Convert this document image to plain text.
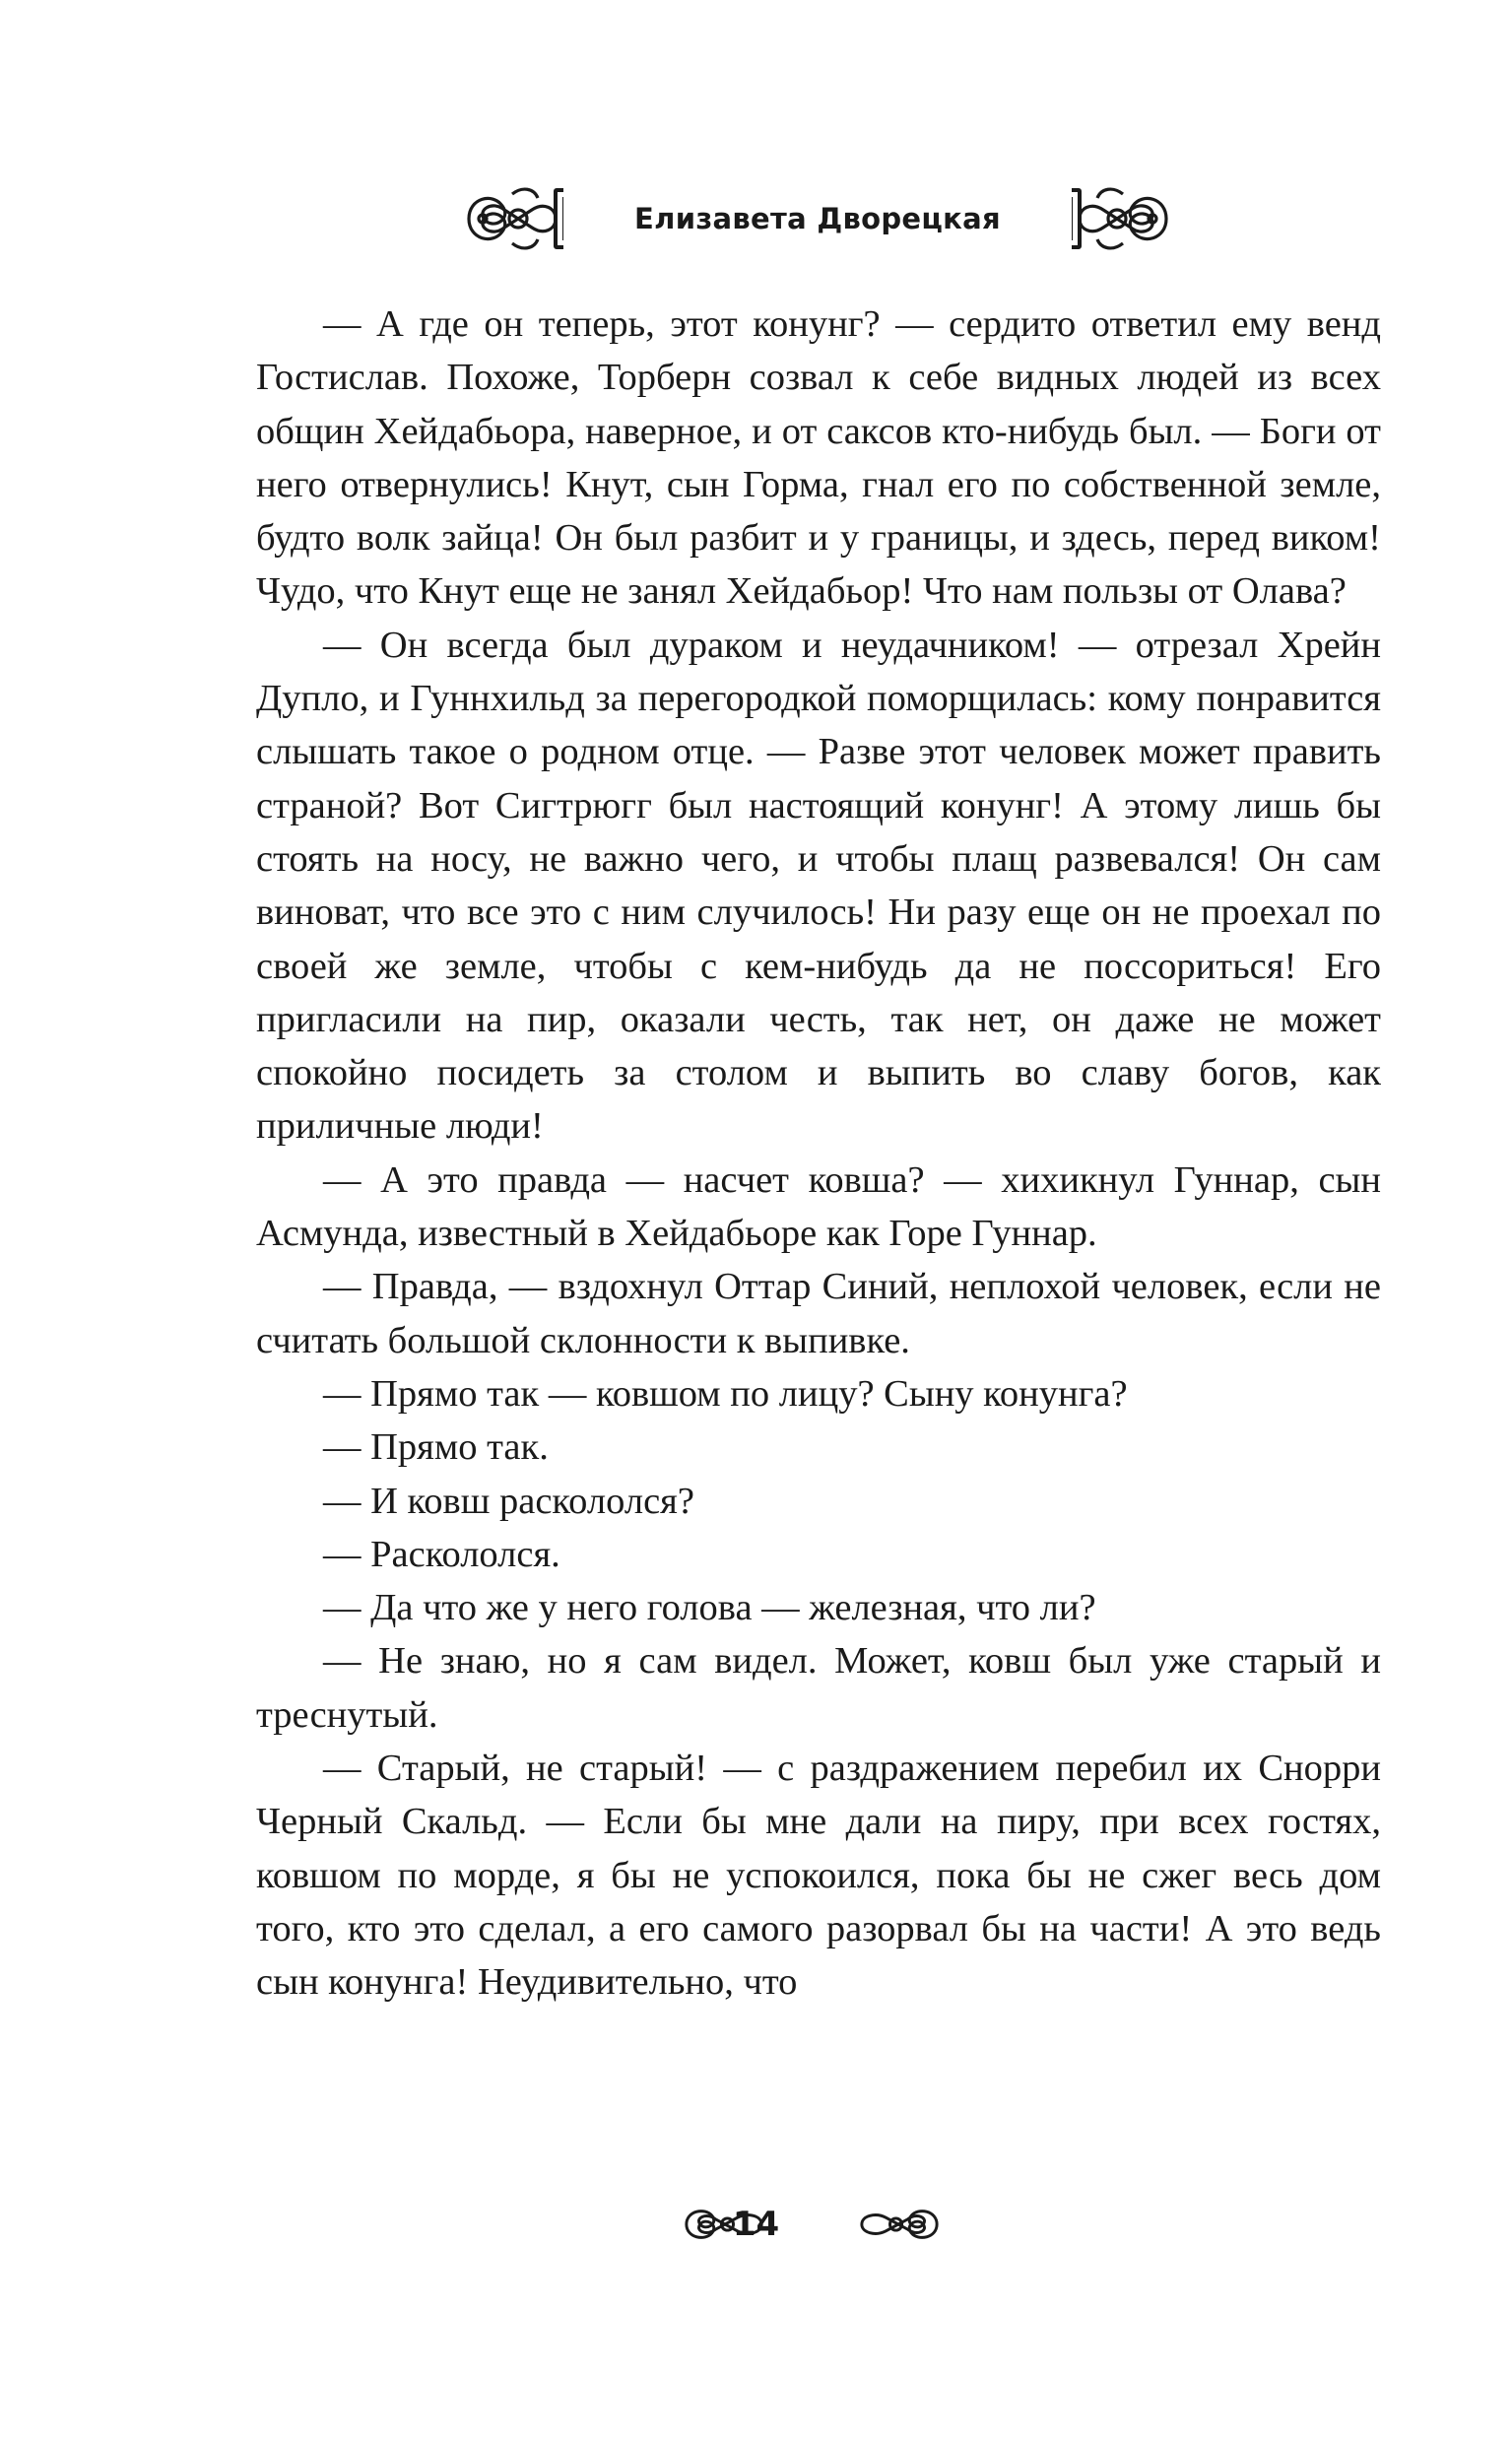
Елизавета Дворецкая

— А где он теперь, этот конунг? — сердито ответил ему венд Гостислав. Похоже, Торберн созвал к себе видных людей из всех общин Хейдабьора, наверное, и от саксов кто-нибудь был. — Боги от него отвернулись! Кнут, сын Горма, гнал его по собственной земле, будто волк зайца! Он был разбит и у границы, и здесь, перед виком! Чудо, что Кнут еще не занял Хейдабьор! Что нам пользы от Олава?

— Он всегда был дураком и неудачником! — отрезал Хрейн Дупло, и Гуннхильд за перегородкой поморщилась: кому понравится слышать такое о родном отце. — Разве этот человек может править страной? Вот Сигтрюгг был настоящий конунг! А этому лишь бы стоять на носу, не важно чего, и чтобы плащ развевался! Он сам виноват, что все это с ним случилось! Ни разу еще он не проехал по своей же земле, чтобы с кем-нибудь да не поссориться! Его пригласили на пир, оказали честь, так нет, он даже не может спокойно посидеть за столом и выпить во славу богов, как приличные люди!

— А это правда — насчет ковша? — хихикнул Гуннар, сын Асмунда, известный в Хейдабьоре как Горе Гуннар.

— Правда, — вздохнул Оттар Синий, неплохой человек, если не считать большой склонности к выпивке.

— Прямо так — ковшом по лицу? Сыну конунга?

— Прямо так.

— И ковш раскололся?

— Раскололся.

— Да что же у него голова — железная, что ли?

— Не знаю, но я сам видел. Может, ковш был уже старый и треснутый.

— Старый, не старый! — с раздражением перебил их Снорри Черный Скальд. — Если бы мне дали на пиру, при всех гостях, ковшом по морде, я бы не успокоился, пока бы не сжег весь дом того, кто это сделал, а его самого разорвал бы на части! А это ведь сын конунга! Неудивительно, что

14
